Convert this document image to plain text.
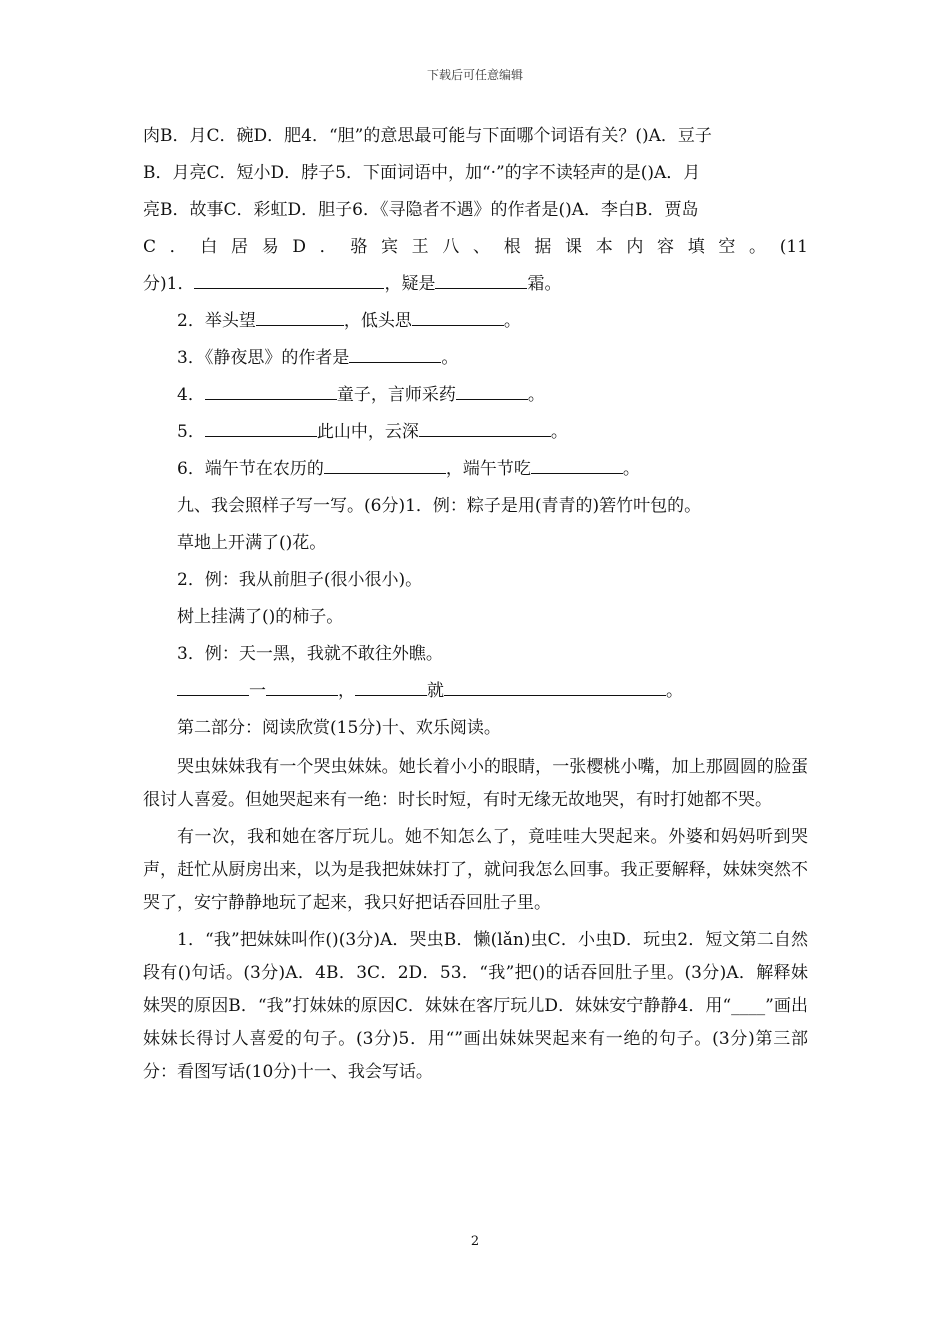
下载后可任意编辑

肉B．月C．碗D．肥4．“胆”的意思最可能与下面哪个词语有关？()A．豆子

B．月亮C．短小D．脖子5．下面词语中，加“·”的字不读轻声的是()A．月

亮B．故事C．彩虹D．胆子6．《寻隐者不遇》的作者是()A．李白B．贾岛

C．白居易D．骆宾王八、根据课本内容填空。(11

分)1．	，疑是	霜。

2．举头望	，低头思	。

3．《静夜思》的作者是	。

4．	童子，言师采药	。

5．	此山中，云深	。

6．端午节在农历的	，端午节吃	。

九、我会照样子写一写。(6分)1．例：粽子是用(青青的)箬竹叶包的。

草地上开满了()花。

2．例：我从前胆子(很小很小)。

树上挂满了()的柿子。

3．例：天一黑，我就不敢往外瞧。

一	，	就	。

第二部分：阅读欣赏(15分)十、欢乐阅读。

哭虫妹妹我有一个哭虫妹妹。她长着小小的眼睛，一张樱桃小嘴，加上那圆圆的脸蛋很讨人喜爱。但她哭起来有一绝：时长时短，有时无缘无故地哭，有时打她都不哭。

有一次，我和她在客厅玩儿。她不知怎么了，竟哇哇大哭起来。外婆和妈妈听到哭声，赶忙从厨房出来，以为是我把妹妹打了，就问我怎么回事。我正要解释，妹妹突然不哭了，安宁静静地玩了起来，我只好把话吞回肚子里。

1．“我”把妹妹叫作()(3分)A．哭虫B．懒(lǎn)虫C．小虫D．玩虫2．短文第二自然段有()句话。(3分)A．4B．3C．2D．53．“我”把()的话吞回肚子里。(3分)A．解释妹妹哭的原因B．“我”打妹妹的原因C．妹妹在客厅玩儿D．妹妹安宁静静4．用“____”画出妹妹长得讨人喜爱的句子。(3分)5．用“”画出妹妹哭起来有一绝的句子。(3分)第三部分：看图写话(10分)十一、我会写话。

2
